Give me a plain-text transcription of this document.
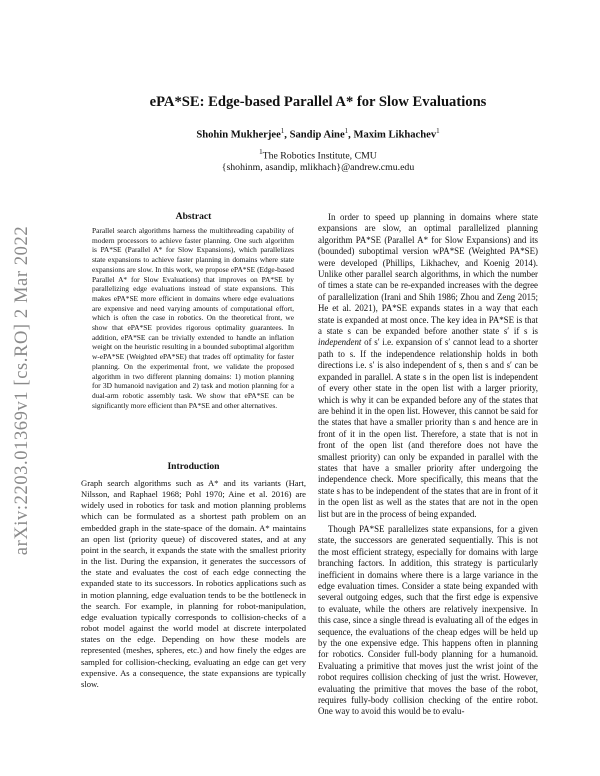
arXiv:2203.01369v1 [cs.RO] 2 Mar 2022
ePA*SE: Edge-based Parallel A* for Slow Evaluations
Shohin Mukherjee$^1$, Sandip Aine$^1$, Maxim Likhachev$^1$
$^1$The Robotics Institute, CMU
{shohinm, asandip, mlikhach}@andrew.cmu.edu

Abstract

Parallel search algorithms harness the multithreading capability of modern processors to achieve faster planning. One such algorithm is PA*SE (Parallel A* for Slow Expansions), which parallelizes state expansions to achieve faster planning in domains where state expansions are slow. In this work, we propose ePA*SE (Edge-based Parallel A* for Slow Evaluations) that improves on PA*SE by parallelizing edge evaluations instead of state expansions. This makes ePA*SE more efficient in domains where edge evaluations are expensive and need varying amounts of computational effort, which is often the case in robotics. On the theoretical front, we show that ePA*SE provides rigorous optimality guarantees. In addition, ePA*SE can be trivially extended to handle an inflation weight on the heuristic resulting in a bounded suboptimal algorithm w-ePA*SE (Weighted ePA*SE) that trades off optimality for faster planning. On the experimental front, we validate the proposed algorithm in two different planning domains: 1) motion planning for 3D humanoid navigation and 2) task and motion planning for a dual-arm robotic assembly task. We show that ePA*SE can be significantly more efficient than PA*SE and other alternatives.

Introduction

Graph search algorithms such as A* and its variants (Hart, Nilsson, and Raphael 1968; Pohl 1970; Aine et al. 2016) are widely used in robotics for task and motion planning problems which can be formulated as a shortest path problem on an embedded graph in the state-space of the domain. A* maintains an open list (priority queue) of discovered states, and at any point in the search, it expands the state with the smallest priority in the list. During the expansion, it generates the successors of the state and evaluates the cost of each edge connecting the expanded state to its successors. In robotics applications such as in motion planning, edge evaluation tends to be the bottleneck in the search. For example, in planning for robot-manipulation, edge evaluation typically corresponds to collision-checks of a robot model against the world model at discrete interpolated states on the edge. Depending on how these models are represented (meshes, spheres, etc.) and how finely the edges are sampled for collision-checking, evaluating an edge can get very expensive. As a consequence, the state expansions are typically slow.

In order to speed up planning in domains where state expansions are slow, an optimal parallelized planning algorithm PA*SE (Parallel A* for Slow Expansions) and its (bounded) suboptimal version wPA*SE (Weighted PA*SE) were developed (Phillips, Likhachev, and Koenig 2014). Unlike other parallel search algorithms, in which the number of times a state can be re-expanded increases with the degree of parallelization (Irani and Shih 1986; Zhou and Zeng 2015; He et al. 2021), PA*SE expands states in a way that each state is expanded at most once. The key idea in PA*SE is that a state s can be expanded before another state s′ if s is independent of s′ i.e. expansion of s′ cannot lead to a shorter path to s. If the independence relationship holds in both directions i.e. s′ is also independent of s, then s and s′ can be expanded in parallel. A state s in the open list is independent of every other state in the open list with a larger priority, which is why it can be expanded before any of the states that are behind it in the open list. However, this cannot be said for the states that have a smaller priority than s and hence are in front of it in the open list. Therefore, a state that is not in front of the open list (and therefore does not have the smallest priority) can only be expanded in parallel with the states that have a smaller priority after undergoing the independence check. More specifically, this means that the state s has to be independent of the states that are in front of it in the open list as well as the states that are not in the open list but are in the process of being expanded.

Though PA*SE parallelizes state expansions, for a given state, the successors are generated sequentially. This is not the most efficient strategy, especially for domains with large branching factors. In addition, this strategy is particularly inefficient in domains where there is a large variance in the edge evaluation times. Consider a state being expanded with several outgoing edges, such that the first edge is expensive to evaluate, while the others are relatively inexpensive. In this case, since a single thread is evaluating all of the edges in sequence, the evaluations of the cheap edges will be held up by the one expensive edge. This happens often in planning for robotics. Consider full-body planning for a humanoid. Evaluating a primitive that moves just the wrist joint of the robot requires collision checking of just the wrist. However, evaluating the primitive that moves the base of the robot, requires fully-body collision checking of the entire robot. One way to avoid this would be to evalu-
